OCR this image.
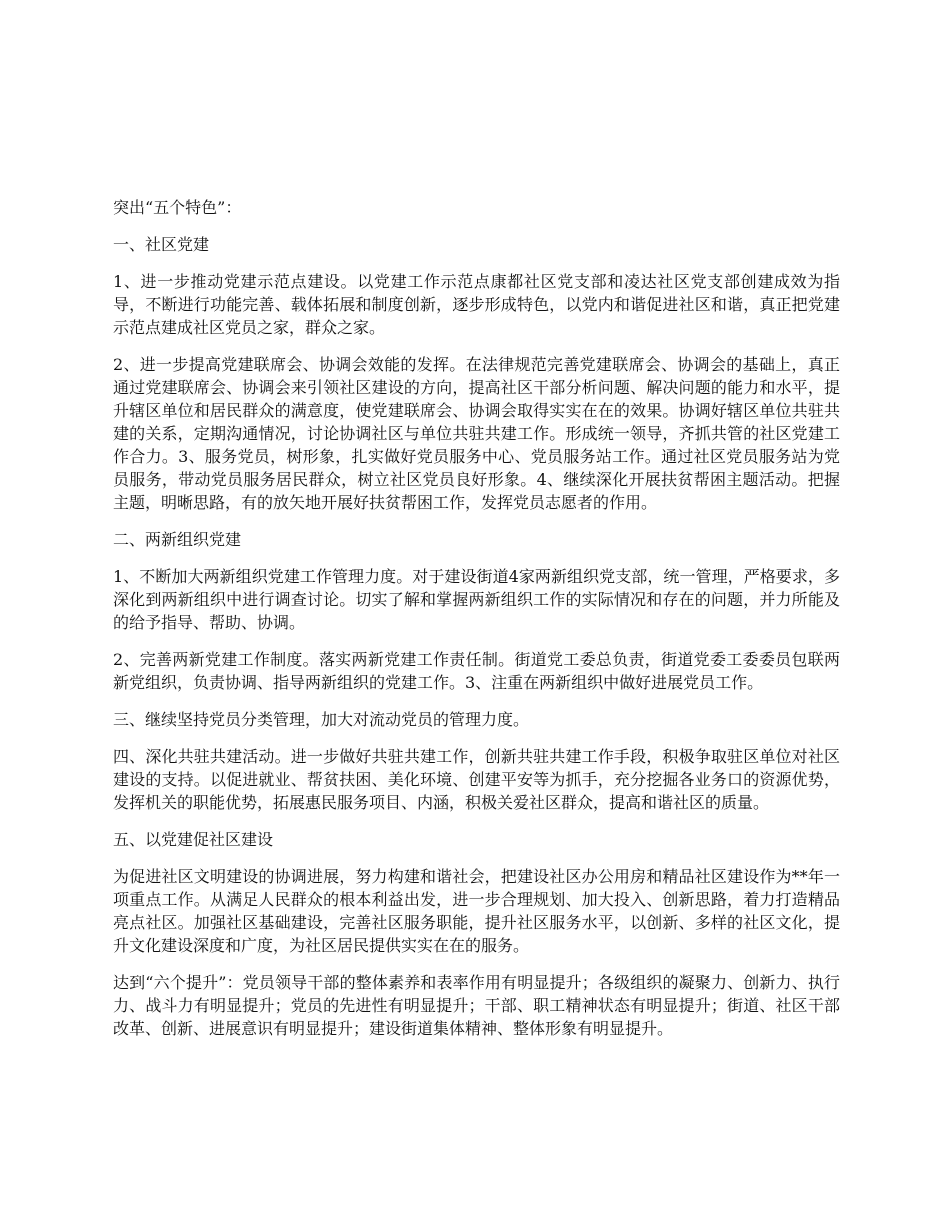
突出“五个特色”：

一、社区党建

1、进一步推动党建示范点建设。以党建工作示范点康都社区党支部和凌达社区党支部创建成效为指导，不断进行功能完善、载体拓展和制度创新，逐步形成特色，以党内和谐促进社区和谐，真正把党建示范点建成社区党员之家，群众之家。

2、进一步提高党建联席会、协调会效能的发挥。在法律规范完善党建联席会、协调会的基础上，真正通过党建联席会、协调会来引领社区建设的方向，提高社区干部分析问题、解决问题的能力和水平，提升辖区单位和居民群众的满意度，使党建联席会、协调会取得实实在在的效果。协调好辖区单位共驻共建的关系，定期沟通情况，讨论协调社区与单位共驻共建工作。形成统一领导，齐抓共管的社区党建工作合力。3、服务党员，树形象，扎实做好党员服务中心、党员服务站工作。通过社区党员服务站为党员服务，带动党员服务居民群众，树立社区党员良好形象。4、继续深化开展扶贫帮困主题活动。把握主题，明晰思路，有的放矢地开展好扶贫帮困工作，发挥党员志愿者的作用。

二、两新组织党建

1、不断加大两新组织党建工作管理力度。对于建设街道4家两新组织党支部，统一管理，严格要求，多深化到两新组织中进行调查讨论。切实了解和掌握两新组织工作的实际情况和存在的问题，并力所能及的给予指导、帮助、协调。

2、完善两新党建工作制度。落实两新党建工作责任制。街道党工委总负责，街道党委工委委员包联两新党组织，负责协调、指导两新组织的党建工作。3、注重在两新组织中做好进展党员工作。

三、继续坚持党员分类管理，加大对流动党员的管理力度。

四、深化共驻共建活动。进一步做好共驻共建工作，创新共驻共建工作手段，积极争取驻区单位对社区建设的支持。以促进就业、帮贫扶困、美化环境、创建平安等为抓手，充分挖掘各业务口的资源优势，发挥机关的职能优势，拓展惠民服务项目、内涵，积极关爱社区群众，提高和谐社区的质量。

五、以党建促社区建设

为促进社区文明建设的协调进展，努力构建和谐社会，把建设社区办公用房和精品社区建设作为**年一项重点工作。从满足人民群众的根本利益出发，进一步合理规划、加大投入、创新思路，着力打造精品亮点社区。加强社区基础建设，完善社区服务职能，提升社区服务水平，以创新、多样的社区文化，提升文化建设深度和广度，为社区居民提供实实在在的服务。

达到“六个提升”：党员领导干部的整体素养和表率作用有明显提升；各级组织的凝聚力、创新力、执行力、战斗力有明显提升；党员的先进性有明显提升；干部、职工精神状态有明显提升；街道、社区干部改革、创新、进展意识有明显提升；建设街道集体精神、整体形象有明显提升。
